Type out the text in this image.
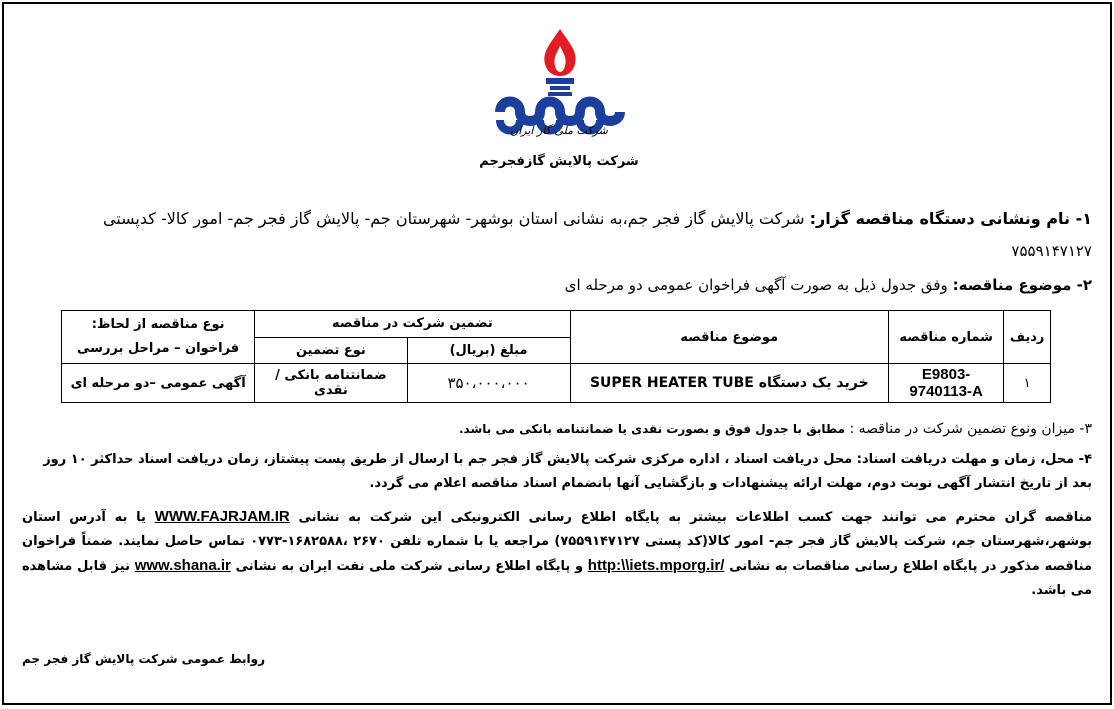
شرکت ملی گاز ایران
شرکت پالایش گازفجرجم
۱- نام ونشانی دستگاه مناقصه گزار: شرکت پالایش گاز فجر جم،به نشانی استان بوشهر- شهرستان جم- پالایش گاز فجر جم- امور کالا- کدپستی
۷۵۵۹۱۴۷۱۲۷
۲- موضوع مناقصه: وفق جدول ذیل به صورت آگهی فراخوان عمومی دو مرحله ای
ردیف	شماره مناقصه	موضوع مناقصه	تضمین شرکت در مناقصه		نوع مناقصه از لحاظ:
فراخوان – مراحل بررسی

			مبلغ (بریال)	نوع تضمین	
۱	E9803-9740113-A	خرید یک دستگاه SUPER HEATER TUBE	۳۵۰،۰۰۰،۰۰۰	ضمانتنامه بانکی / نقدی	آگهی عمومی –دو مرحله ای
۳- میزان ونوع تضمین شرکت در مناقصه : مطابق با جدول فوق و بصورت نقدی یا ضمانتنامه بانکی می باشد.
۴- محل، زمان و مهلت دریافت اسناد: محل دریافت اسناد ، اداره مرکزی شرکت پالایش گاز فجر جم با ارسال از طریق پست پیشتاز، زمان دریافت اسناد حداکثر ۱۰ روز بعد از تاریخ انتشار آگهی نوبت دوم، مهلت ارائه پیشنهادات و بازگشایی آنها بانضمام اسناد مناقصه اعلام می گردد.
مناقصه گران محترم می توانند جهت کسب اطلاعات بیشتر به پایگاه اطلاع رسانی الکترونیکی این شرکت به نشانی WWW.FAJRJAM.IR یا به آدرس استان بوشهر،شهرستان جم، شرکت پالایش گاز فجر جم- امور کالا(کد پستی ۷۵۵۹۱۴۷۱۲۷) مراجعه یا با شماره تلفن ۲۶۷۰ ،۱۶۸۲۵۸۸-۰۷۷۳ تماس حاصل نمایند. ضمناً فراخوان مناقصه مذکور در پایگاه اطلاع رسانی مناقصات به نشانی http:\\iets.mporg.ir/ و پایگاه اطلاع رسانی شرکت ملی نفت ایران به نشانی www.shana.ir نیز قابل مشاهده می باشد.
روابط عمومی شرکت پالایش گاز فجر جم
